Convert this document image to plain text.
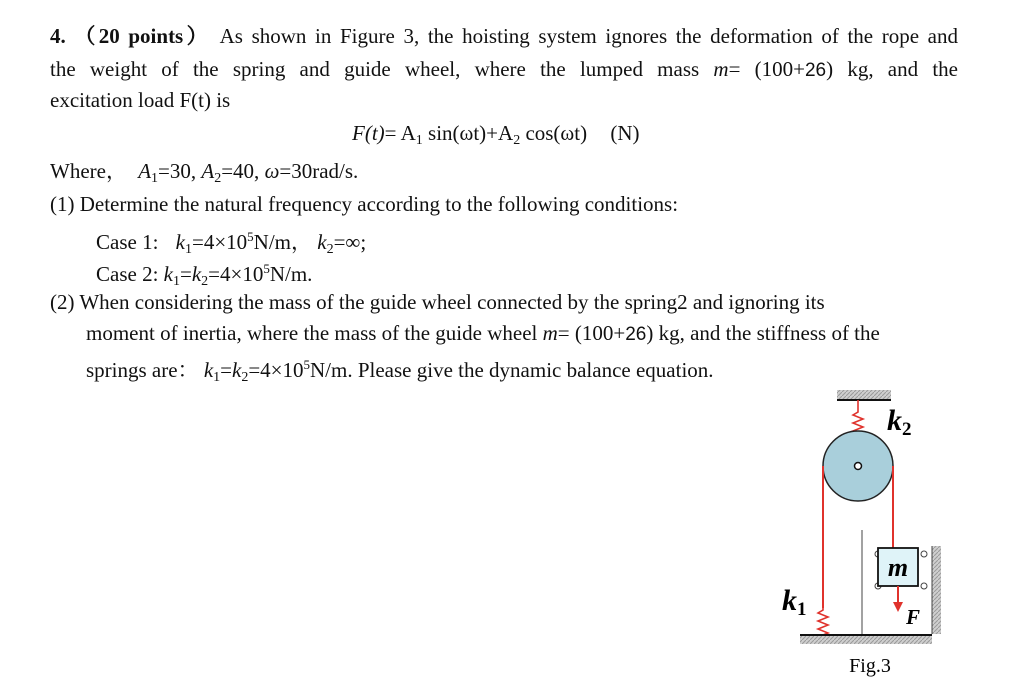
4. （20 points） As shown in Figure 3, the hoisting system ignores the deformation of the rope and
the weight of the spring and guide wheel, where the lumped mass m= (100+26) kg, and the
excitation load F(t) is
$F(t)= A_1$ $\sin(\omega t)+A_2$ cos(ωt) (N)
Where， $A_1=30$, $A_2=40$, ω=30rad/s.
(1) Determine the natural frequency according to the following conditions:
Case 1: $k_1=4\times 10^5N/m$， $k_2=\infty$;
Case 2: $k_1=k_2=4\times 10^5N/m$.
(2) When considering the mass of the guide wheel connected by the spring2 and ignoring its
moment of inertia, where the mass of the guide wheel m= (100+26) kg, and the stiffness of the
springs are： $k_1=k_2=4\times 10^5N/m$. Please give the dynamic balance equation.
m
F
k2
k1
Fig.3
